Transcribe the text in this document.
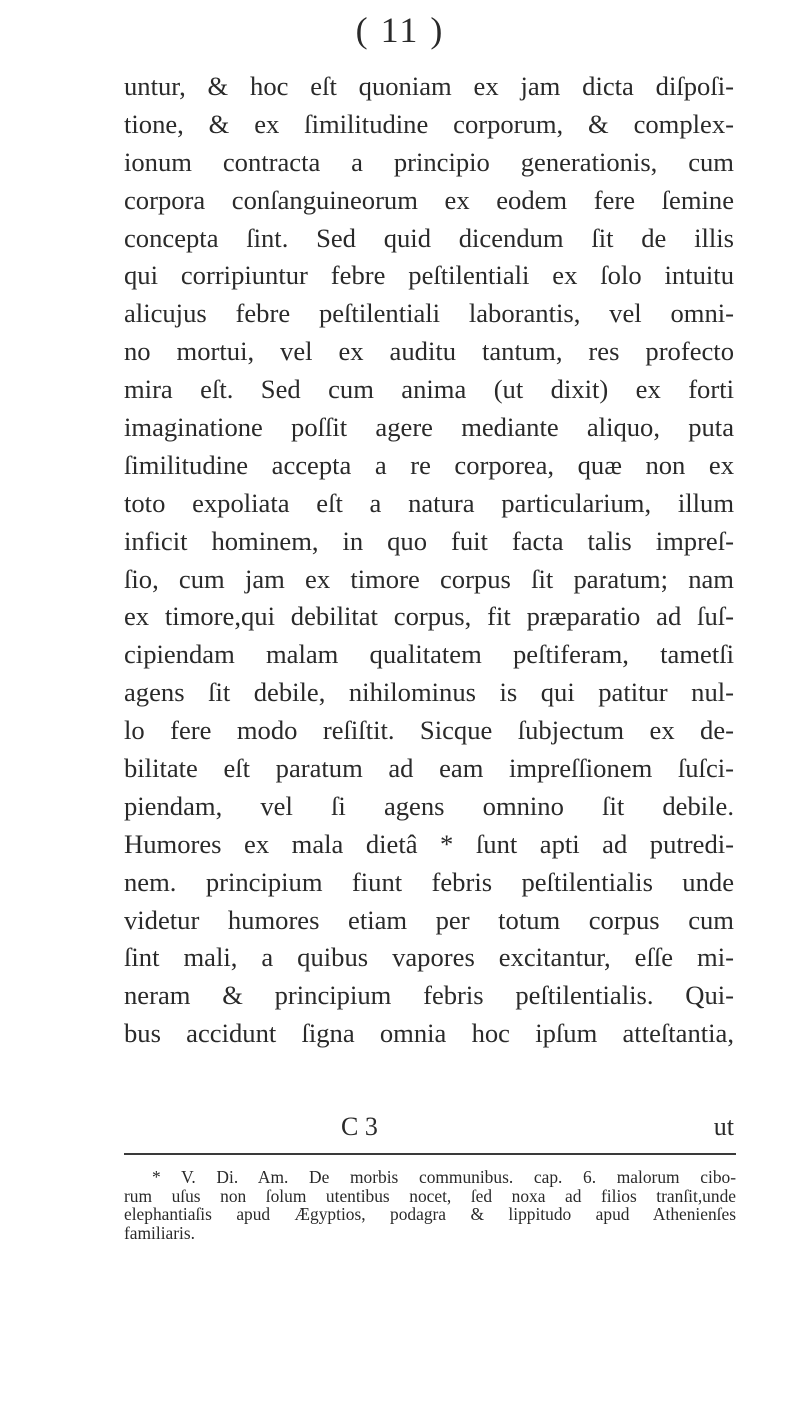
( 11 )
untur, & hoc eſt quoniam ex jam dicta diſpoſi-
tione, & ex ſimilitudine corporum, & complex-
ionum contracta a principio generationis, cum
corpora conſanguineorum ex eodem fere ſemine
concepta ſint. Sed quid dicendum ſit de illis
qui corripiuntur febre peſtilentiali ex ſolo intuitu
alicujus febre peſtilentiali laborantis, vel omni-
no mortui, vel ex auditu tantum, res profecto
mira eſt. Sed cum anima (ut dixit) ex forti
imaginatione poſſit agere mediante aliquo, puta
ſimilitudine accepta a re corporea, quæ non ex
toto expoliata eſt a natura particularium, illum
inficit hominem, in quo fuit facta talis impreſ-
ſio, cum jam ex timore corpus ſit paratum; nam
ex timore,qui debilitat corpus, fit præparatio ad ſuſ-
cipiendam malam qualitatem peſtiferam, tametſi
agens ſit debile, nihilominus is qui patitur nul-
lo fere modo reſiſtit. Sicque ſubjectum ex de-
bilitate eſt paratum ad eam impreſſionem ſuſci-
piendam, vel ſi agens omnino ſit debile.
Humores ex mala dietâ * ſunt apti ad putredi-
nem. principium fiunt febris peſtilentialis unde
videtur humores etiam per totum corpus cum
ſint mali, a quibus vapores excitantur, eſſe mi-
neram & principium febris peſtilentialis. Qui-
bus accidunt ſigna omnia hoc ipſum atteſtantia,
C 3	ut
* V. Di. Am. De morbis communibus. cap. 6. malorum cibo-
rum uſus non ſolum utentibus nocet, ſed noxa ad filios tranſit,unde
elephantiaſis apud Ægyptios, podagra & lippitudo apud Athenienſes
familiaris.
